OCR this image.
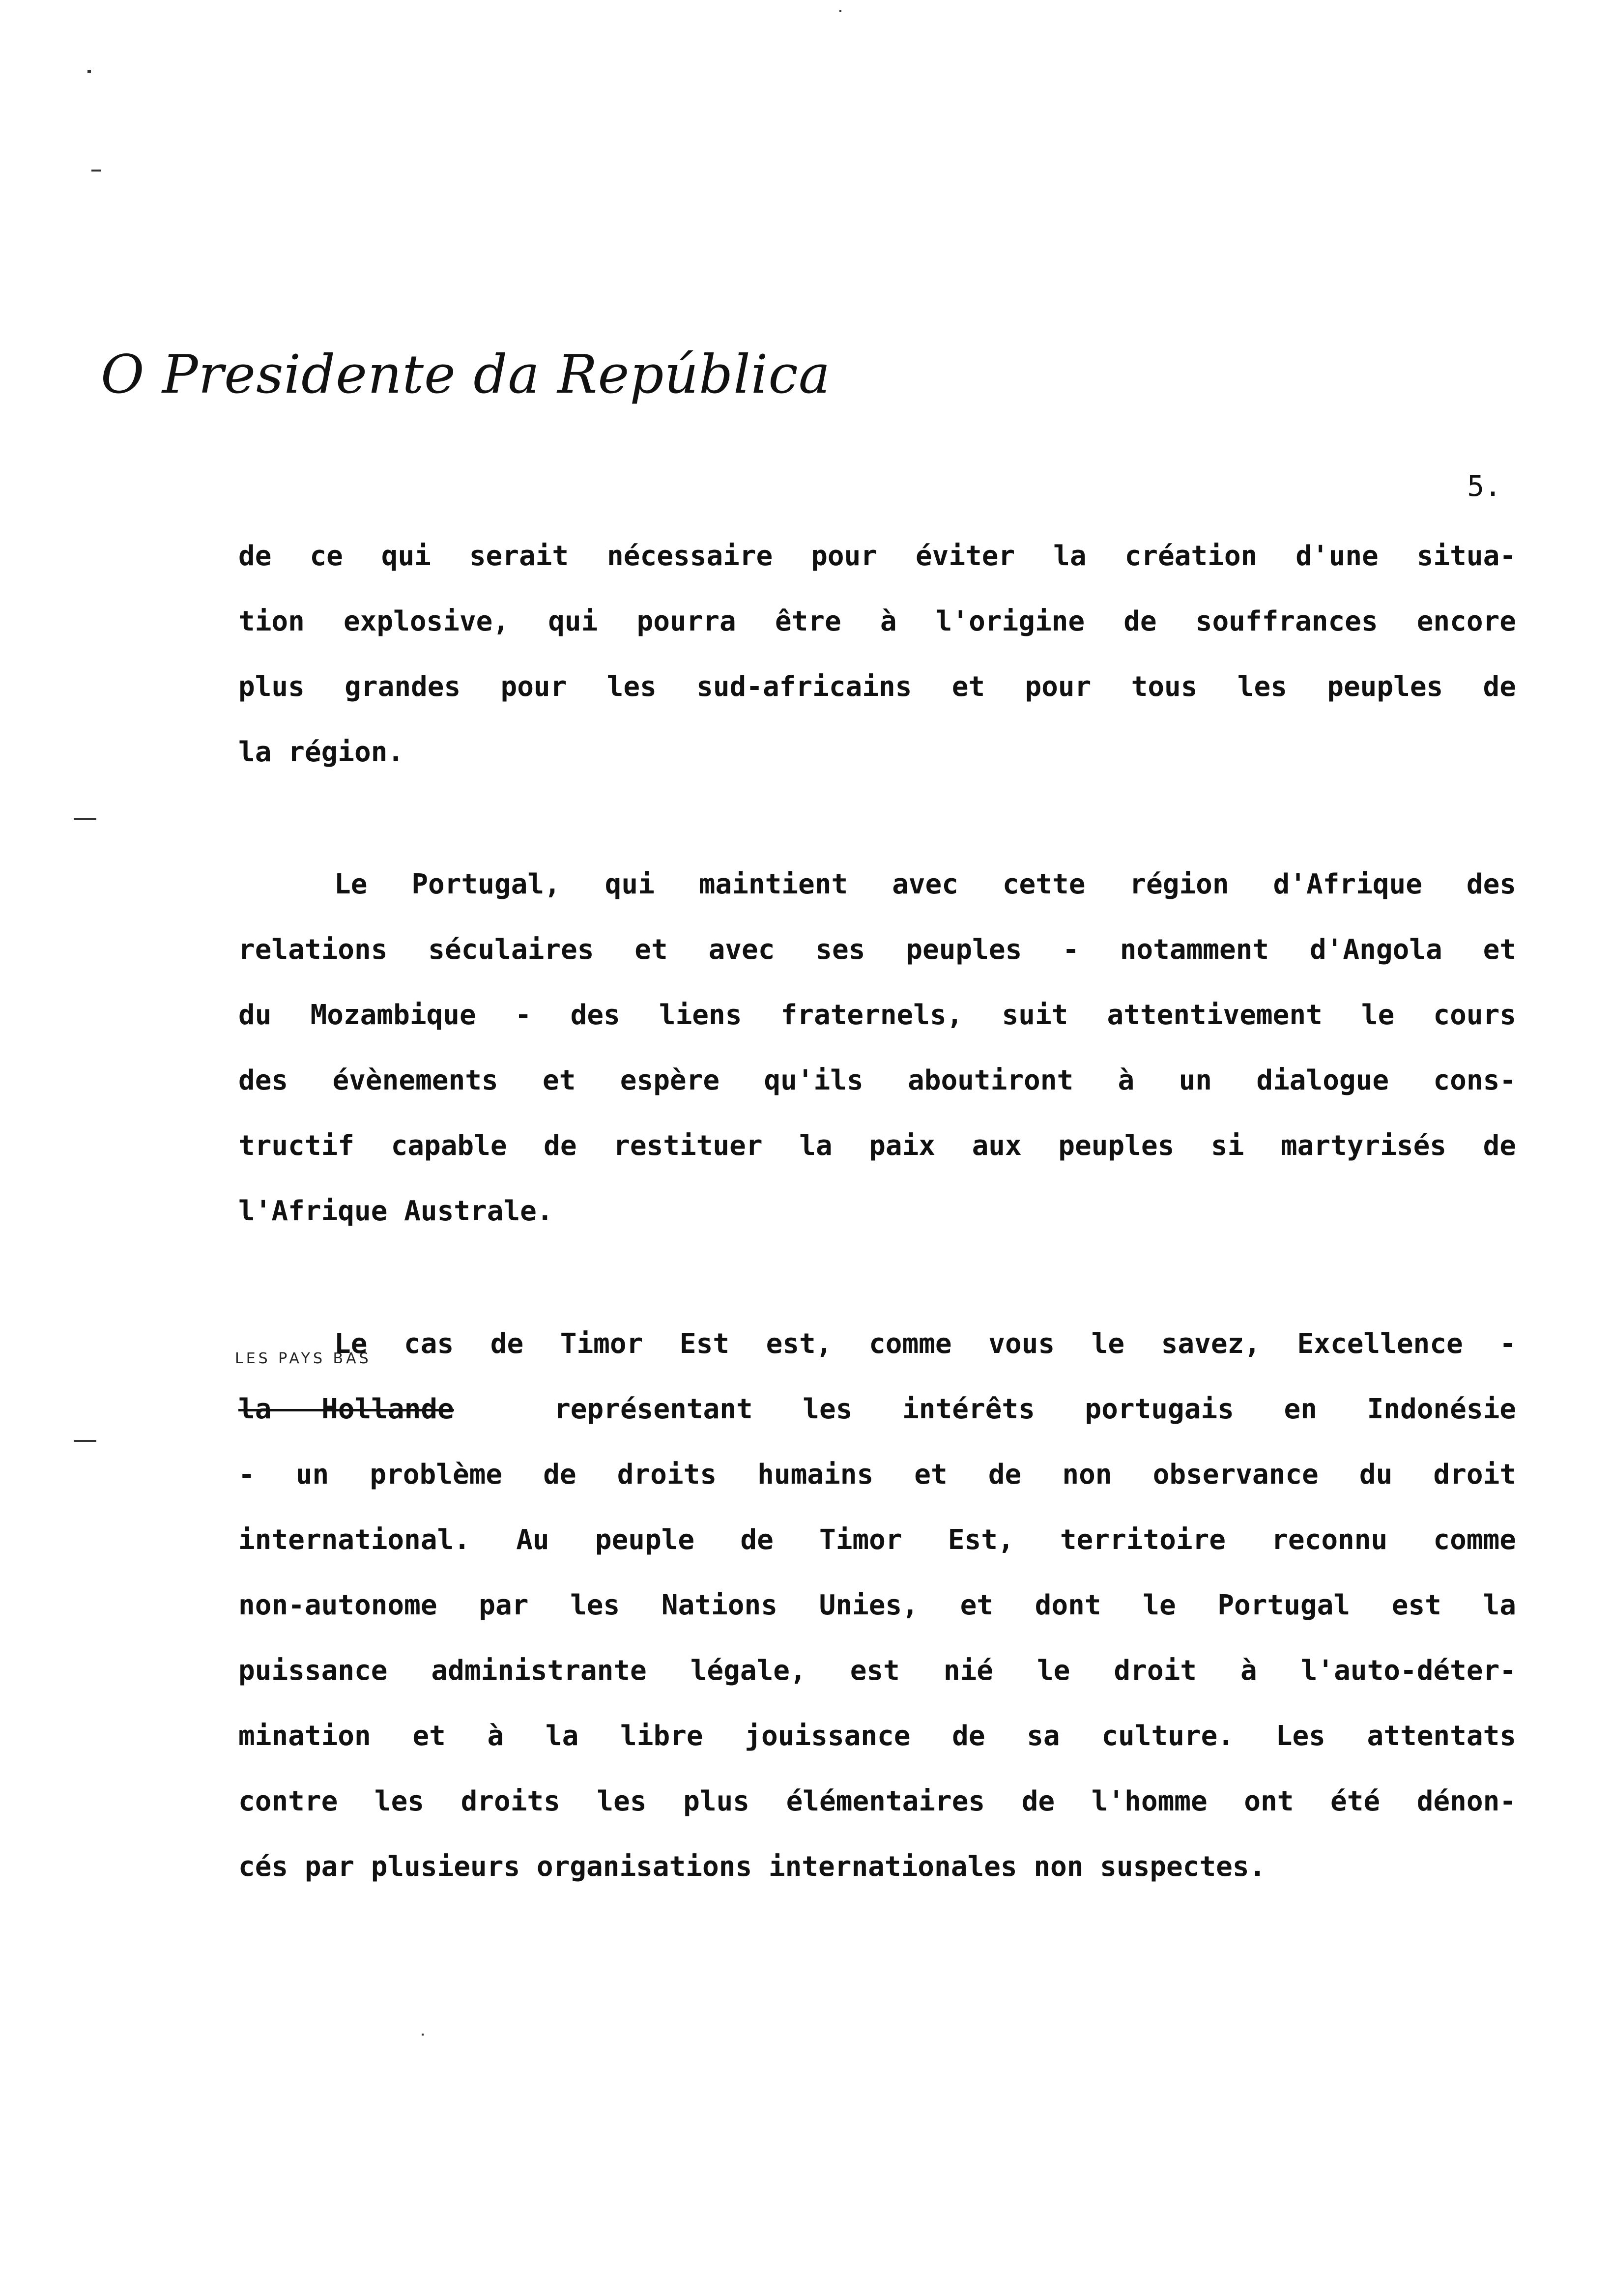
O Presidente da República
5.
de ce qui serait nécessaire pour éviter la création d'une situa-
tion explosive, qui pourra être à l'origine de souffrances encore
plus grandes pour les sud-africains et pour tous les peuples de
la région.
Le Portugal, qui maintient avec cette région d'Afrique des
relations séculaires et avec ses peuples - notamment d'Angola et
du Mozambique - des liens fraternels, suit attentivement le cours
des évènements et espère qu'ils aboutiront à un dialogue cons-
tructif capable de restituer la paix aux peuples si martyrisés de
l'Afrique Australe.
LES PAYS BAS
Le cas de Timor Est est, comme vous le savez, Excellence -
la Hollande	représentant les intérêts portugais en Indonésie
- un problème de droits humains et de non observance du droit
international. Au peuple de Timor Est, territoire reconnu comme
non-autonome par les Nations Unies, et dont le Portugal est la
puissance administrante légale, est nié le droit à l'auto-déter-
mination et à la libre jouissance de sa culture. Les attentats
contre les droits les plus élémentaires de l'homme ont été dénon-
cés par plusieurs organisations internationales non suspectes.
